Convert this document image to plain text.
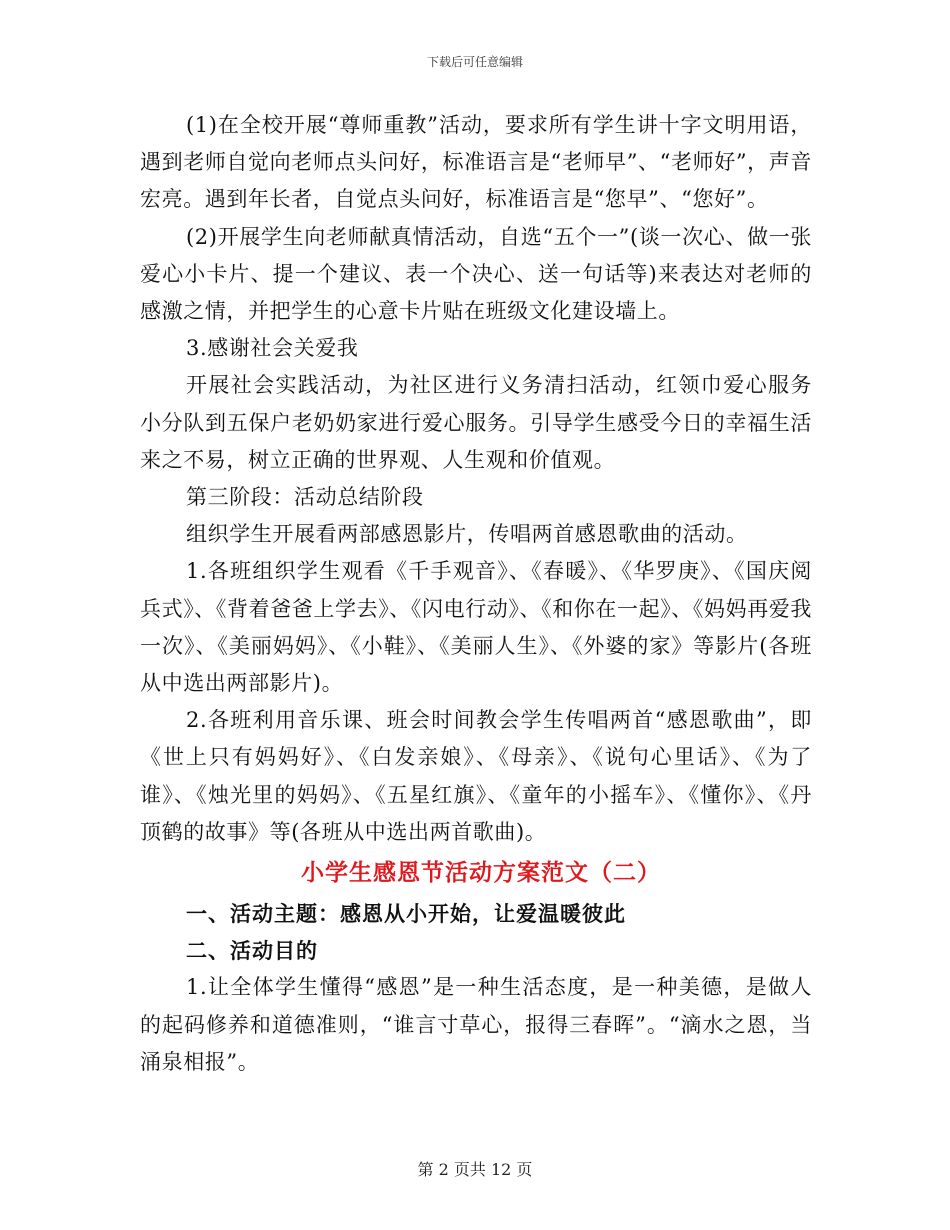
下载后可任意编辑

(1)在全校开展“尊师重教”活动，要求所有学生讲十字文明用语，遇到老师自觉向老师点头问好，标准语言是“老师早”、“老师好”，声音宏亮。遇到年长者，自觉点头问好，标准语言是“您早”、“您好”。

(2)开展学生向老师献真情活动，自选“五个一”(谈一次心、做一张爱心小卡片、提一个建议、表一个决心、送一句话等)来表达对老师的感激之情，并把学生的心意卡片贴在班级文化建设墙上。

3.感谢社会关爱我

开展社会实践活动，为社区进行义务清扫活动，红领巾爱心服务小分队到五保户老奶奶家进行爱心服务。引导学生感受今日的幸福生活来之不易，树立正确的世界观、人生观和价值观。

第三阶段：活动总结阶段

组织学生开展看两部感恩影片，传唱两首感恩歌曲的活动。

1.各班组织学生观看《千手观音》、《春暖》、《华罗庚》、《国庆阅兵式》、《背着爸爸上学去》、《闪电行动》、《和你在一起》、《妈妈再爱我一次》、《美丽妈妈》、《小鞋》、《美丽人生》、《外婆的家》等影片(各班从中选出两部影片)。

2.各班利用音乐课、班会时间教会学生传唱两首“感恩歌曲”，即《世上只有妈妈好》、《白发亲娘》、《母亲》、《说句心里话》、《为了谁》、《烛光里的妈妈》、《五星红旗》、《童年的小摇车》、《懂你》、《丹顶鹤的故事》等(各班从中选出两首歌曲)。

小学生感恩节活动方案范文（二）

一、活动主题：感恩从小开始，让爱温暖彼此

二、活动目的

1.让全体学生懂得“感恩”是一种生活态度，是一种美德，是做人的起码修养和道德准则，“谁言寸草心，报得三春晖”。“滴水之恩，当涌泉相报”。

第 2 页共 12 页
